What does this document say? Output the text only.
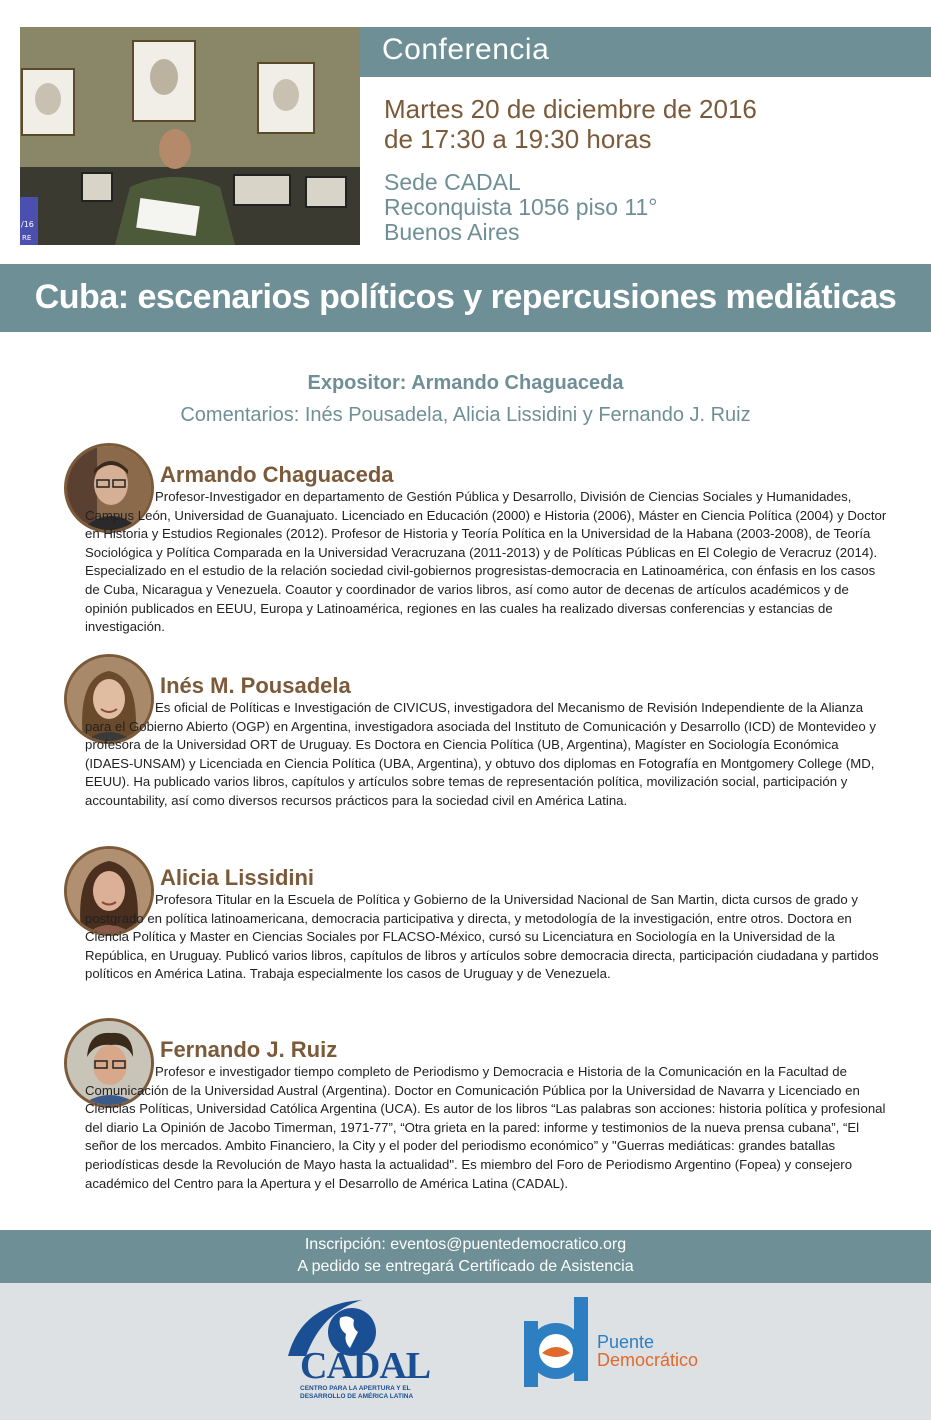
/16
RE
Conferencia
Martes 20 de diciembre de 2016
de 17:30 a 19:30 horas
Sede CADAL
Reconquista 1056 piso 11°
Buenos Aires
Cuba: escenarios políticos y repercusiones mediáticas
Expositor: Armando Chaguaceda
Comentarios: Inés Pousadela, Alicia Lissidini y Fernando J. Ruiz
Armando Chaguaceda
Profesor-Investigador en departamento de Gestión Pública y Desarrollo, División de Ciencias Sociales y Humanidades, Campus León, Universidad de Guanajuato. Licenciado en Educación (2000) e Historia (2006), Máster en Ciencia Política (2004) y Doctor en Historia y Estudios Regionales (2012). Profesor de Historia y Teoría Política en la Universidad de la Habana (2003-2008), de Teoría Sociológica y Política Comparada en la Universidad Veracruzana (2011-2013) y de Políticas Públicas en El Colegio de Veracruz (2014). Especializado en el estudio de la relación sociedad civil-gobiernos progresistas-democracia en Latinoamérica, con énfasis en los casos de Cuba, Nicaragua y Venezuela. Coautor y coordinador de varios libros, así como autor de decenas de artículos académicos y de opinión publicados en EEUU, Europa y Latinoamérica, regiones en las cuales ha realizado diversas conferencias y estancias de investigación.
Inés M. Pousadela
Es oficial de Políticas e Investigación de CIVICUS, investigadora del Mecanismo de Revisión Independiente de la Alianza para el Gobierno Abierto (OGP) en Argentina, investigadora asociada del Instituto de Comunicación y Desarrollo (ICD) de Montevideo y profesora de la Universidad ORT de Uruguay. Es Doctora en Ciencia Política (UB, Argentina), Magíster en Sociología Económica (IDAES-UNSAM) y Licenciada en Ciencia Política (UBA, Argentina), y obtuvo dos diplomas en Fotografía en Montgomery College (MD, EEUU). Ha publicado varios libros, capítulos y artículos sobre temas de representación política, movilización social, participación y accountability, así como diversos recursos prácticos para la sociedad civil en América Latina.
Alicia Lissidini
Profesora Titular en la Escuela de Política y Gobierno de la Universidad Nacional de San Martin, dicta cursos de grado y postgrado en política latinoamericana, democracia participativa y directa, y metodología de la investigación, entre otros. Doctora en Ciencia Política y Master en Ciencias Sociales por FLACSO-México, cursó su Licenciatura en Sociología en la Universidad de la República, en Uruguay. Publicó varios libros, capítulos de libros y artículos sobre democracia directa, participación ciudadana y partidos políticos en América Latina. Trabaja especialmente los casos de Uruguay y de Venezuela.
Fernando J. Ruiz
Profesor e investigador tiempo completo de Periodismo y Democracia e Historia de la Comunicación en la Facultad de Comunicación de la Universidad Austral (Argentina). Doctor en Comunicación Pública por la Universidad de Navarra y Licenciado en Ciencias Políticas, Universidad Católica Argentina (UCA). Es autor de los libros “Las palabras son acciones: historia política y profesional del diario La Opinión de Jacobo Timerman, 1971-77”, “Otra grieta en la pared: informe y testimonios de la nueva prensa cubana”, “El señor de los mercados. Ambito Financiero, la City y el poder del periodismo económico” y "Guerras mediáticas: grandes batallas periodísticas desde la Revolución de Mayo hasta la actualidad". Es miembro del Foro de Periodismo Argentino (Fopea) y consejero académico del Centro para la Apertura y el Desarrollo de América Latina (CADAL).
Inscripción: eventos@puentedemocratico.org
A pedido se entregará Certificado de Asistencia
CADAL
CENTRO PARA LA APERTURA Y EL DESARROLLO DE AMÉRICA LATINA
Puente
Democrático
